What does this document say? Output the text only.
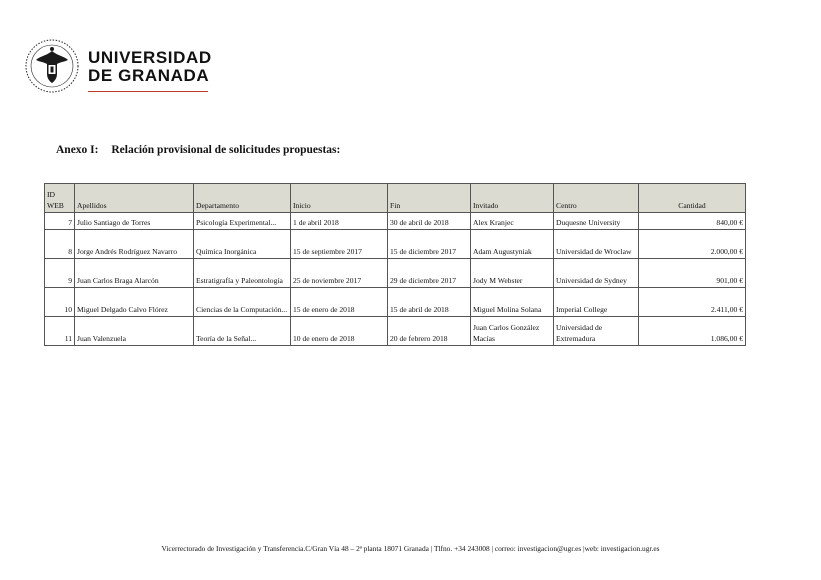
UNIVERSIDAD
DE GRANADA
Anexo I: Relación provisional de solicitudes propuestas:
ID WEB	Apellidos	Departamento	Inicio	Fin	Invitado	Centro	Cantidad
7	Julio Santiago de Torres	Psicología Experimental...	1 de abril 2018	30 de abril de 2018	Alex Kranjec	Duquesne University	840,00 €
8	Jorge Andrés Rodríguez Navarro	Química Inorgánica	15 de septiembre 2017	15 de diciembre 2017	Adam Augustyniak	Universidad de Wroclaw	2.000,00 €
9	Juan Carlos Braga Alarcón	Estratigrafía y Paleontología	25 de noviembre 2017	29 de diciembre 2017	Jody M Webster	Universidad de Sydney	901,00 €
10	Miguel Delgado Calvo Flórez	Ciencias de la Computación...	15 de enero de 2018	15 de abril de 2018	Miguel Molina Solana	Imperial College	2.411,00 €
11	Juan Valenzuela	Teoría de la Señal...	10 de enero de 2018	20 de febrero 2018	Juan Carlos González Macías	Universidad de Extremadura	1.086,00 €
Vicerrectorado de Investigación y Transferencia.C/Gran Vía 48 – 2ª planta 18071 Granada | Tlfno. +34 243008 | correo: investigacion@ugr.es |web: investigacion.ugr.es
